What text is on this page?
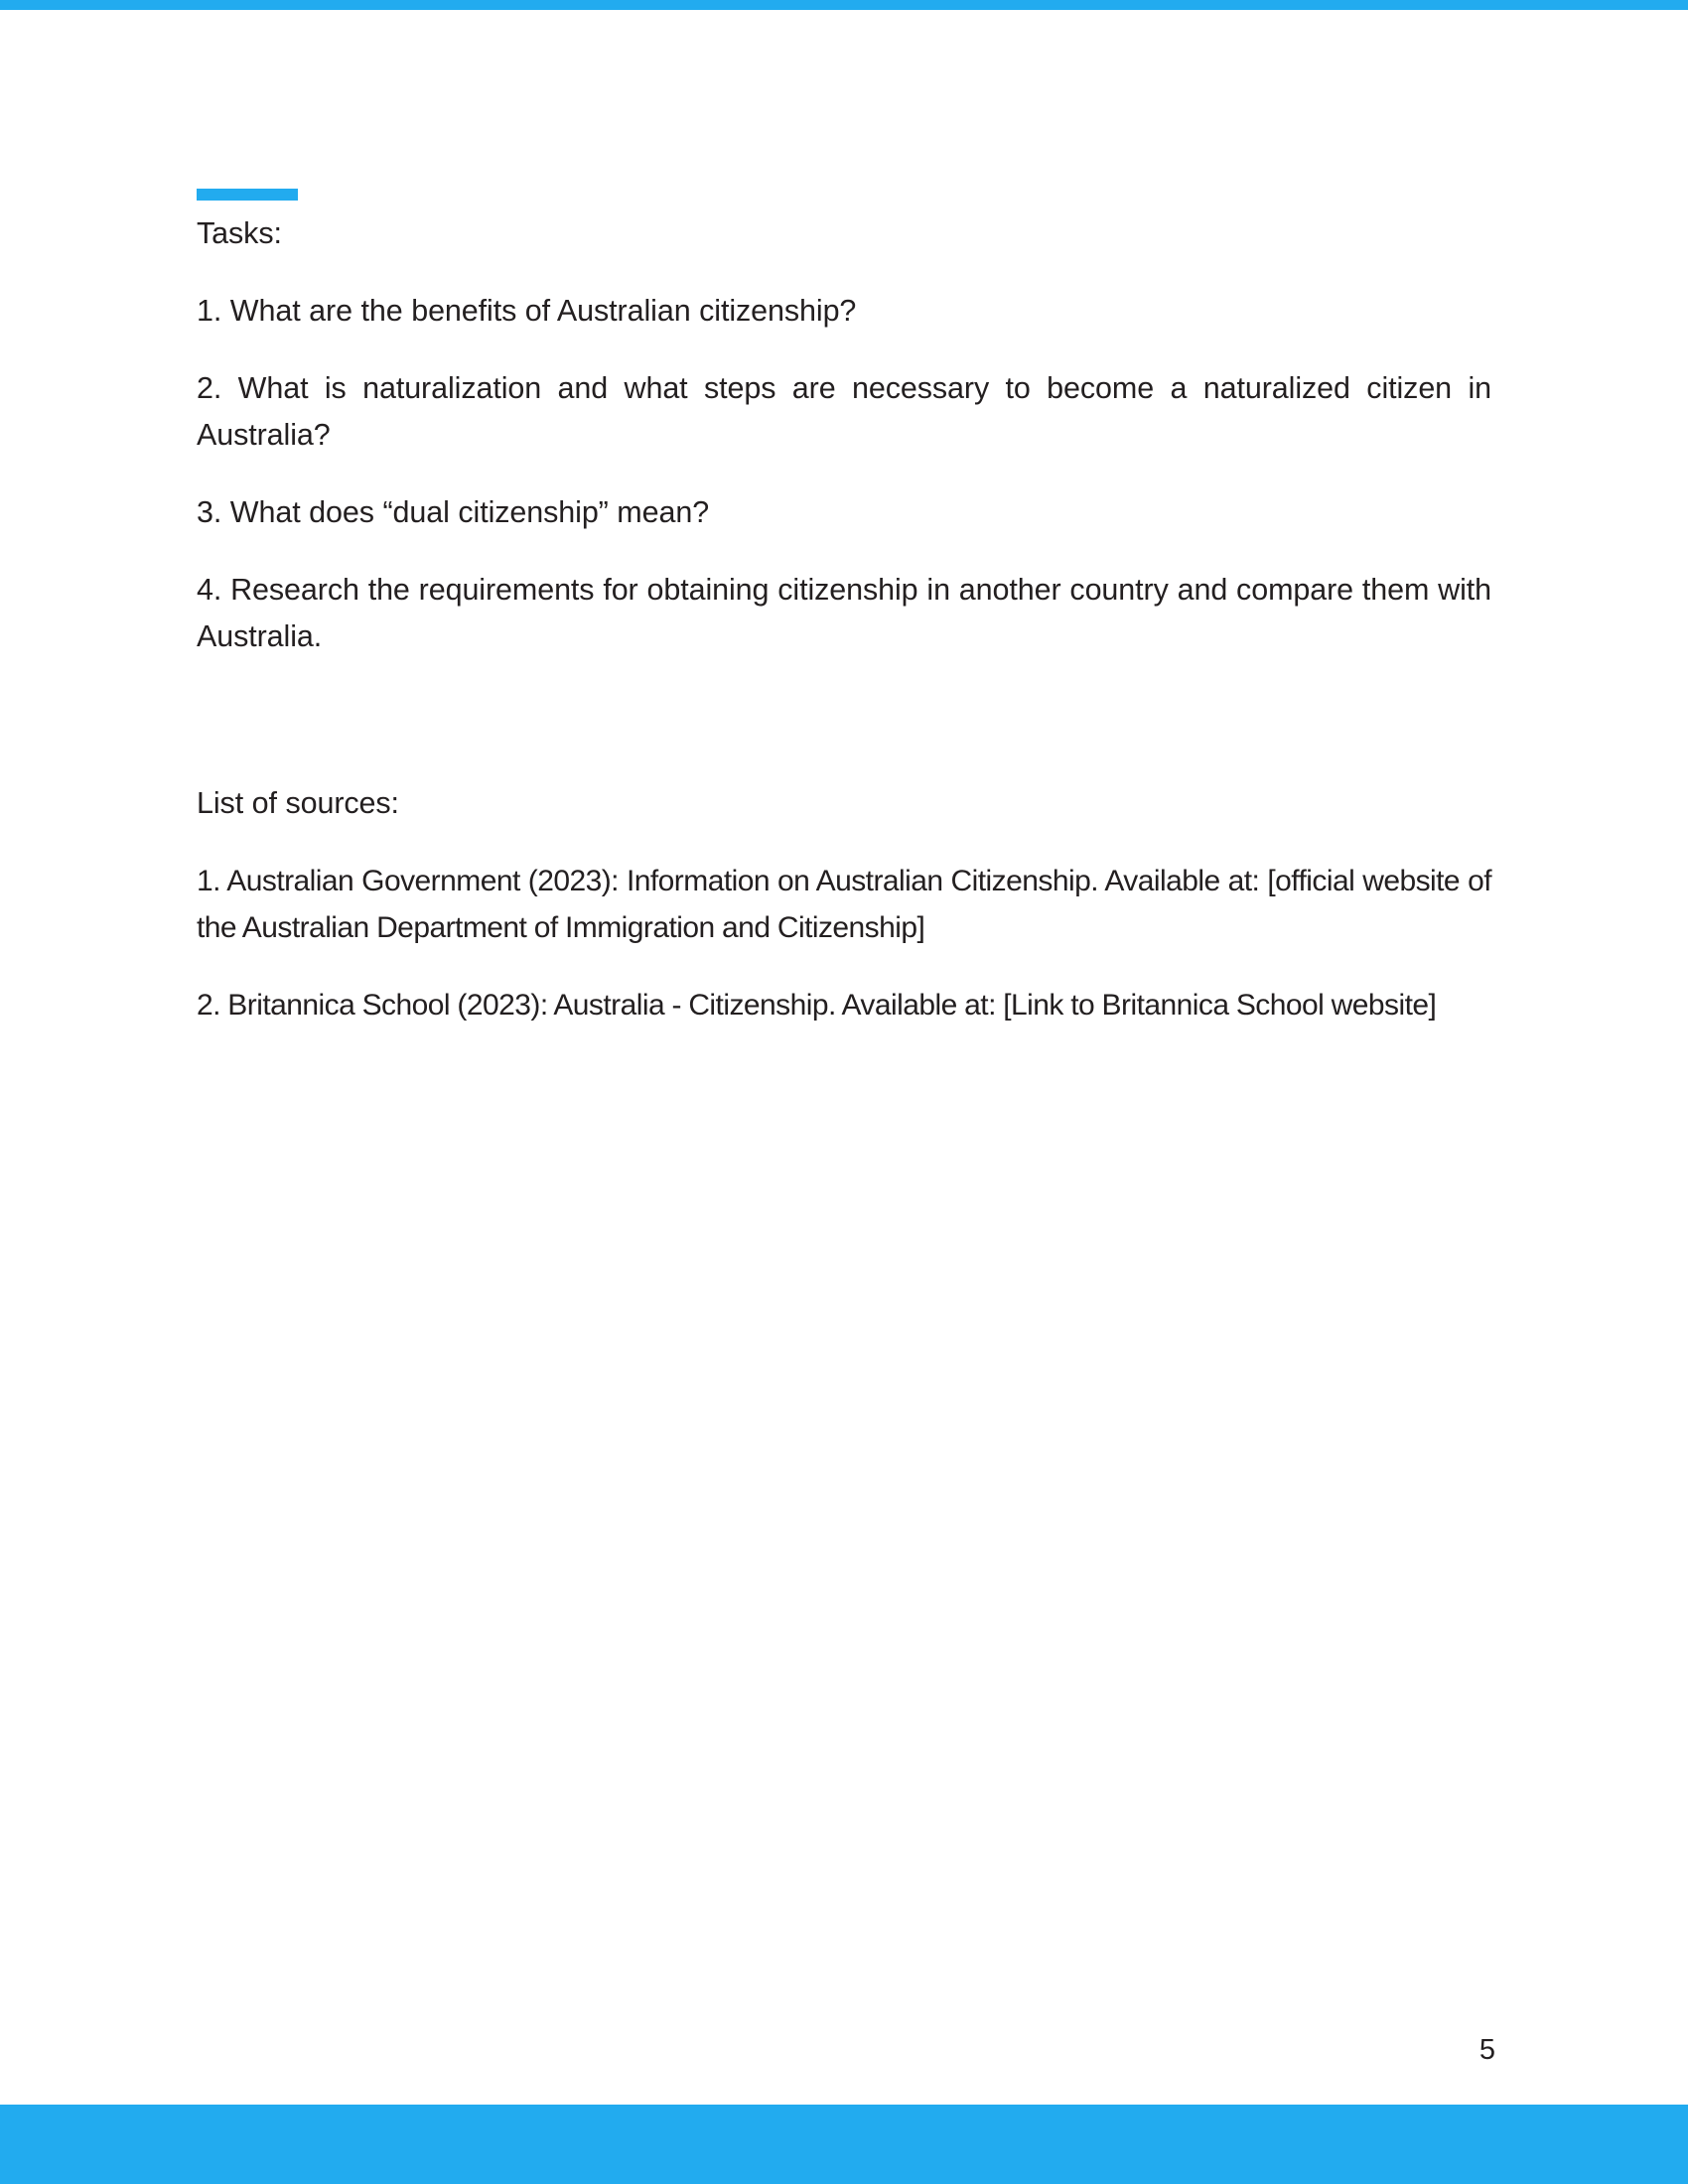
Tasks:

1. What are the benefits of Australian citizenship?

2. What is naturalization and what steps are necessary to become a naturalized citizen in Australia?

3. What does “dual citizenship” mean?

4. Research the requirements for obtaining citizenship in another country and compare them with Australia.

List of sources:

1. Australian Government (2023): Information on Australian Citizenship. Available at: [official website of the Australian Department of Immigration and Citizenship]

2. Britannica School (2023): Australia - Citizenship. Available at: [Link to Britannica School website]

5
